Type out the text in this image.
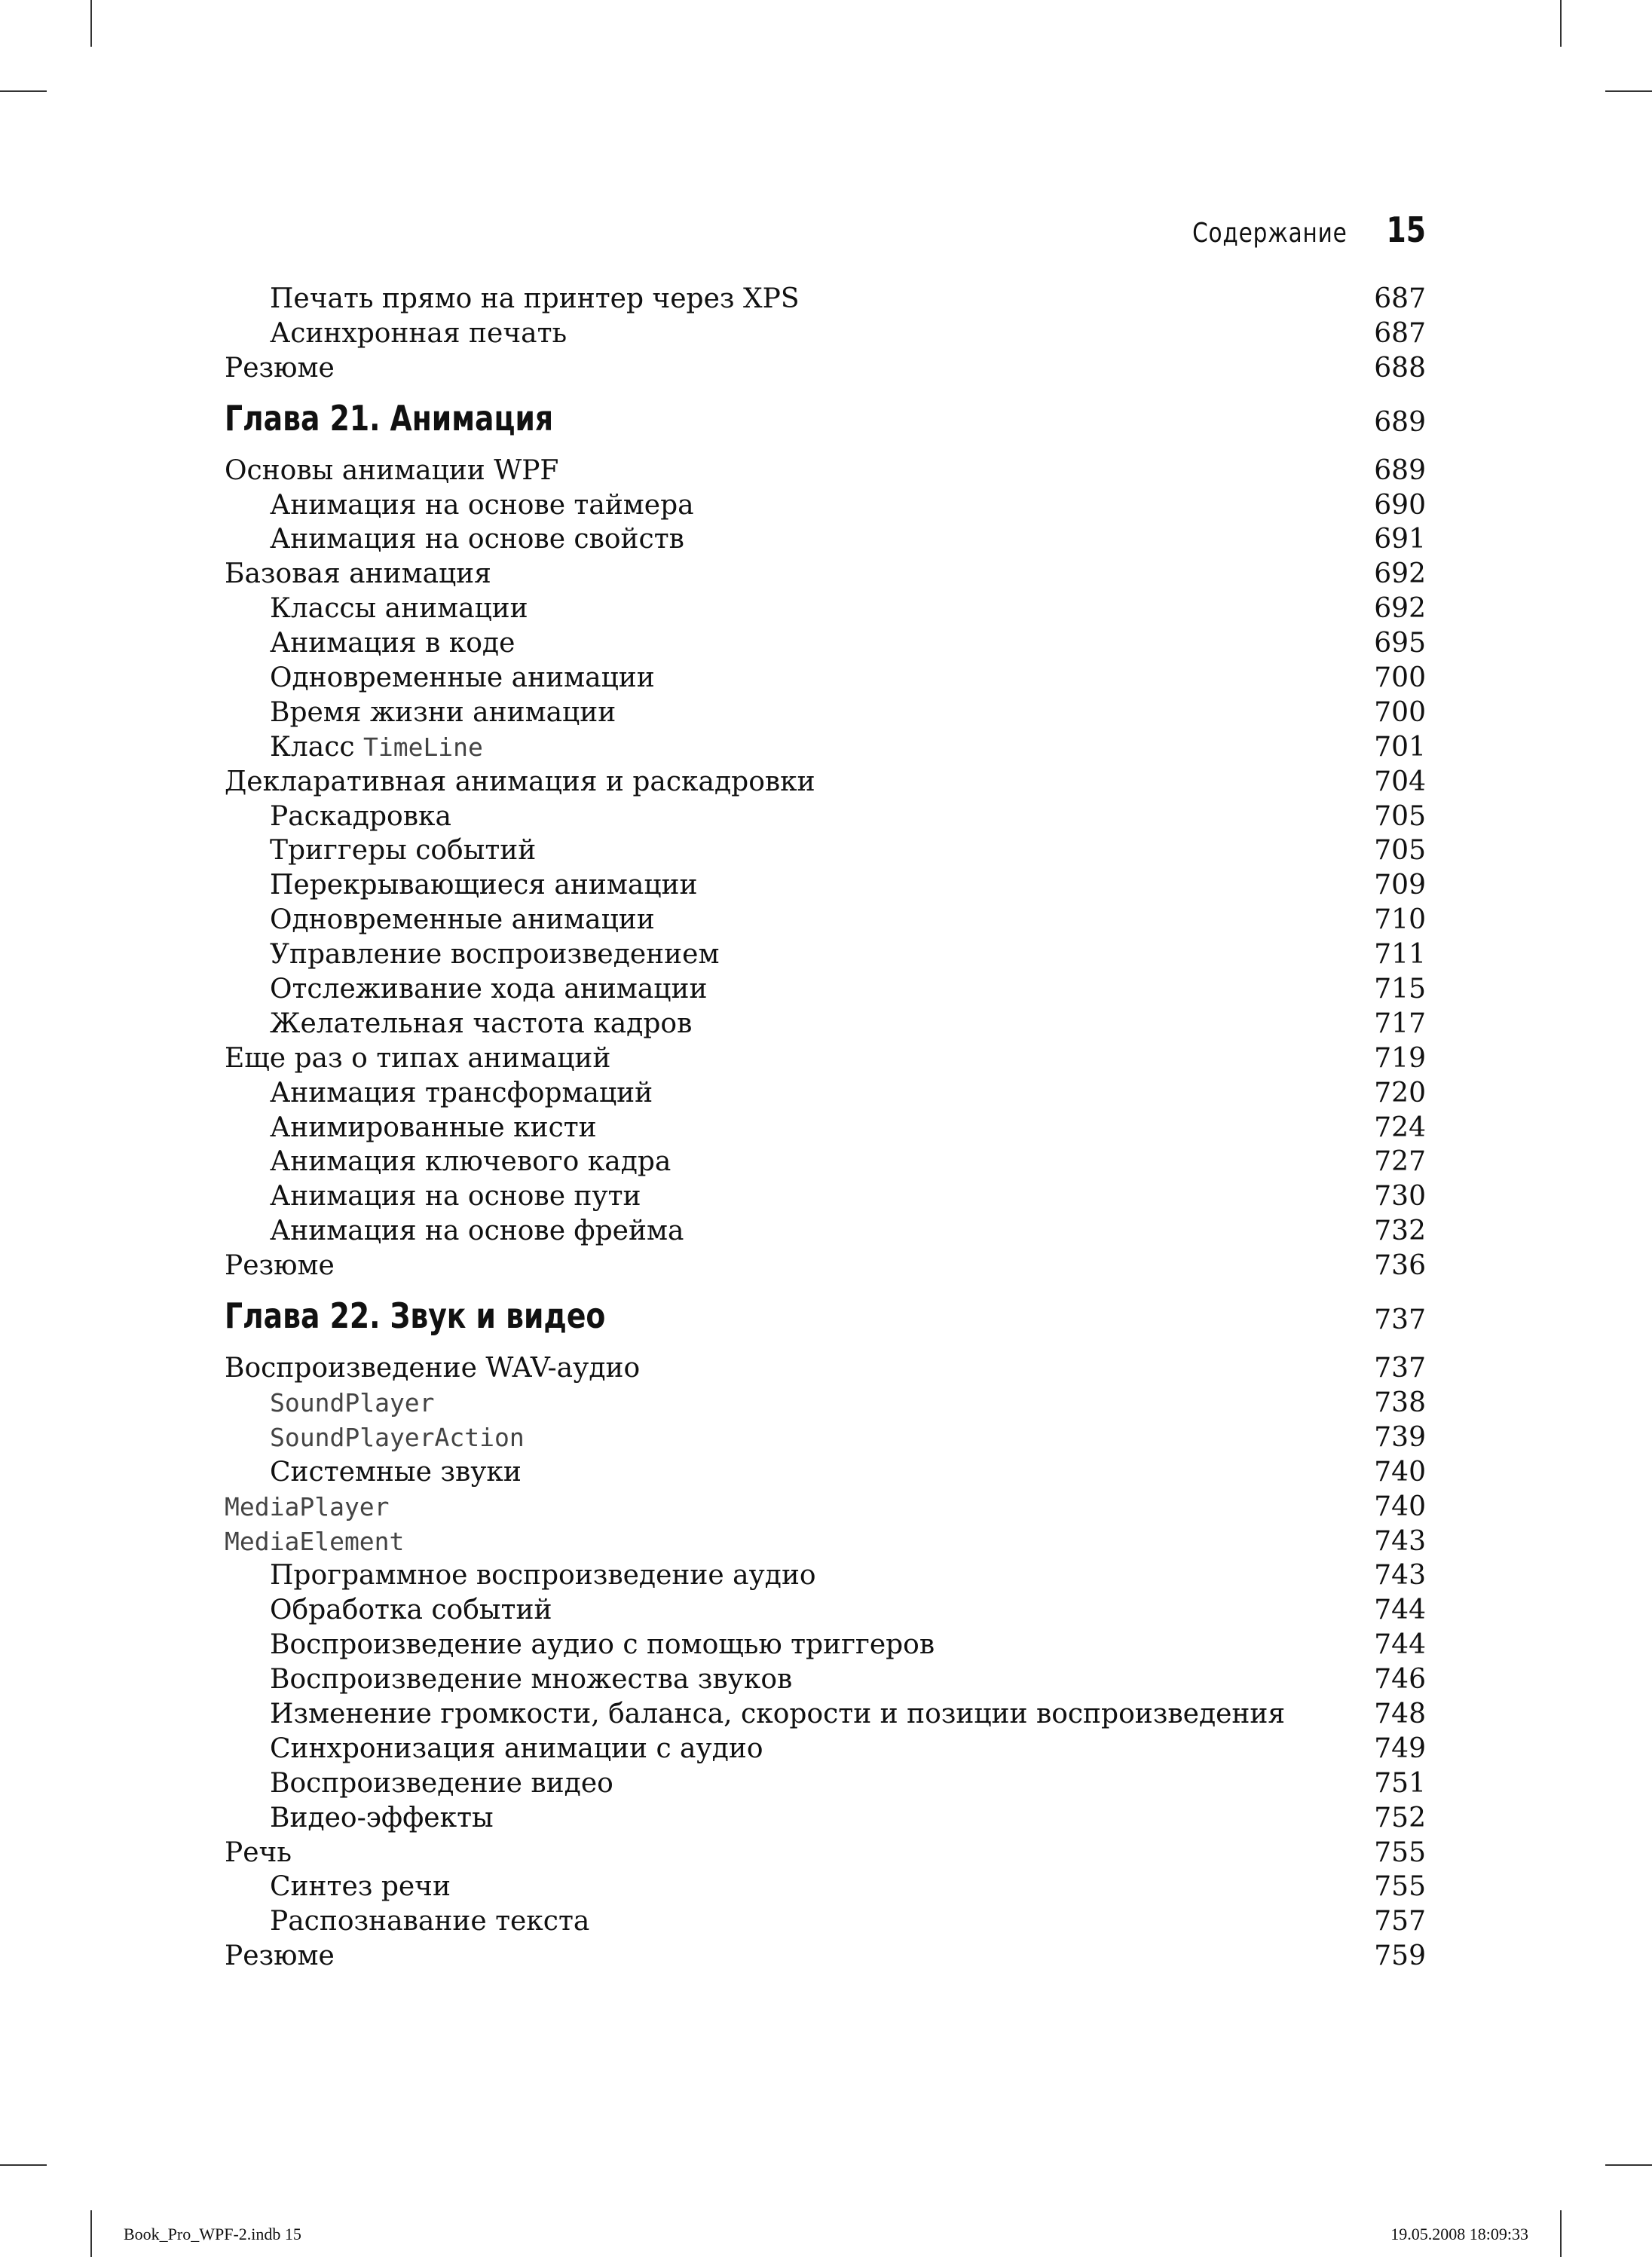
Содержание 15
Печать прямо на принтер через XPS	687
Асинхронная печать	687
Резюме	688
Глава 21. Анимация	689
Основы анимации WPF	689
Анимация на основе таймера	690
Анимация на основе свойств	691
Базовая анимация	692
Классы анимации	692
Анимация в коде	695
Одновременные анимации	700
Время жизни анимации	700
Класс TimeLine	701
Декларативная анимация и раскадровки	704
Раскадровка	705
Триггеры событий	705
Перекрывающиеся анимации	709
Одновременные анимации	710
Управление воспроизведением	711
Отслеживание хода анимации	715
Желательная частота кадров	717
Еще раз о типах анимаций	719
Анимация трансформаций	720
Анимированные кисти	724
Анимация ключевого кадра	727
Анимация на основе пути	730
Анимация на основе фрейма	732
Резюме	736
Глава 22. Звук и видео	737
Воспроизведение WAV-аудио	737
SoundPlayer	738
SoundPlayerAction	739
Системные звуки	740
MediaPlayer	740
MediaElement	743
Программное воспроизведение аудио	743
Обработка событий	744
Воспроизведение аудио с помощью триггеров	744
Воспроизведение множества звуков	746
Изменение громкости, баланса, скорости и позиции воспроизведения	748
Синхронизация анимации с аудио	749
Воспроизведение видео	751
Видео-эффекты	752
Речь	755
Синтез речи	755
Распознавание текста	757
Резюме	759
Book_Pro_WPF-2.indb 15	19.05.2008 18:09:33
